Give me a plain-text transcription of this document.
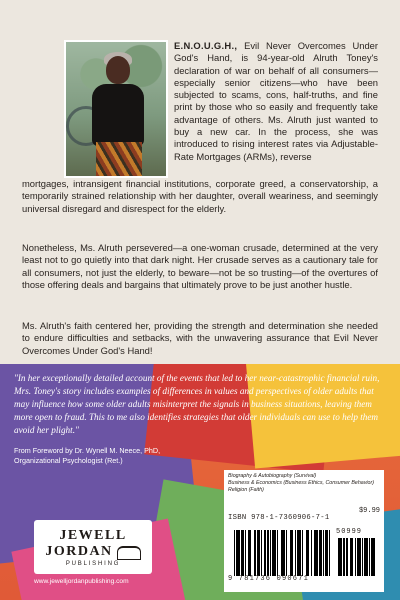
E.N.O.U.G.H., Evil Never Overcomes Under God's Hand, is 94-year-old Alruth Toney's declaration of war on behalf of all consumers—especially senior citizens—who have been subjected to scams, cons, half-truths, and fine print by those who so easily and frequently take advantage of others. Ms. Alruth just wanted to buy a new car. In the process, she was introduced to rising interest rates via Adjustable-Rate Mortgages (ARMs), reverse
mortgages, intransigent financial institutions, corporate greed, a conservatorship, a temporarily strained relationship with her daughter, overall weariness, and seemingly universal disregard and disrespect for the elderly.
Nonetheless, Ms. Alruth persevered—a one-woman crusade, determined at the very least not to go quietly into that dark night. Her crusade serves as a cautionary tale for all consumers, not just the elderly, to beware—not be so trusting—of the overtures of those offering deals and bargains that ultimately prove to be just another hustle.
Ms. Alruth's faith centered her, providing the strength and determination she needed to endure difficulties and setbacks, with the unwavering assurance that Evil Never Overcomes Under God's Hand!
"In her exceptionally detailed account of the events that led to her near-catastrophic financial ruin, Mrs. Toney's story includes examples of differences in values and perspectives of older adults that may influence how some older adults misinterpret the signals in business situations, leaving them more open to fraud. This to me also identifies strategies that older individuals can use to help them avoid her plight."
From Foreword by Dr. Wynell M. Neece, PhD,
Organizational Psychologist (Ret.)
JEWELL
JORDAN
PUBLISHING
www.jewelljordanpublishing.com
Biography & Autobiography (Survival)
Business & Economics (Business Ethics, Consumer Behavior)
Religion (Faith)
$9.99
ISBN 978-1-7360906-7-1
50999
9 781736 090671
